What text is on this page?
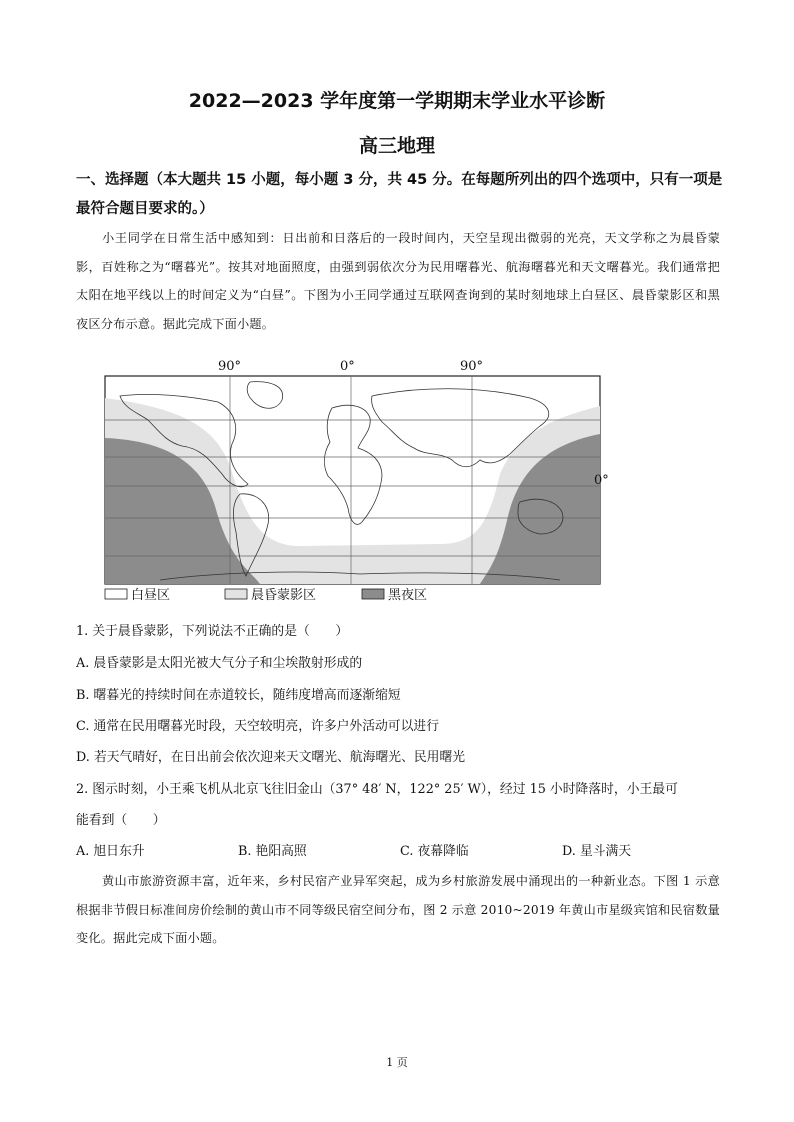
2022—2023 学年度第一学期期末学业水平诊断
高三地理
一、选择题（本大题共 15 小题，每小题 3 分，共 45 分。在每题所列出的四个选项中，只有一项是最符合题目要求的。）
小王同学在日常生活中感知到：日出前和日落后的一段时间内，天空呈现出微弱的光亮，天文学称之为晨昏蒙影，百姓称之为“曙暮光”。按其对地面照度，由强到弱依次分为民用曙暮光、航海曙暮光和天文曙暮光。我们通常把太阳在地平线以上的时间定义为“白昼”。下图为小王同学通过互联网查询到的某时刻地球上白昼区、晨昏蒙影区和黑夜区分布示意。据此完成下面小题。
90°	0°	90°
0°
白昼区	晨昏蒙影区	黑夜区
1. 关于晨昏蒙影，下列说法不正确的是（　　）
A. 晨昏蒙影是太阳光被大气分子和尘埃散射形成的
B. 曙暮光的持续时间在赤道较长，随纬度增高而逐渐缩短
C. 通常在民用曙暮光时段，天空较明亮，许多户外活动可以进行
D. 若天气晴好，在日出前会依次迎来天文曙光、航海曙光、民用曙光
2. 图示时刻，小王乘飞机从北京飞往旧金山（37° 48′ N，122° 25′ W），经过 15 小时降落时，小王最可
能看到（　　）
A. 旭日东升	B. 艳阳高照	C. 夜幕降临	D. 星斗满天
黄山市旅游资源丰富，近年来，乡村民宿产业异军突起，成为乡村旅游发展中涌现出的一种新业态。下图 1 示意根据非节假日标准间房价绘制的黄山市不同等级民宿空间分布，图 2 示意 2010~2019 年黄山市星级宾馆和民宿数量变化。据此完成下面小题。
1 页
